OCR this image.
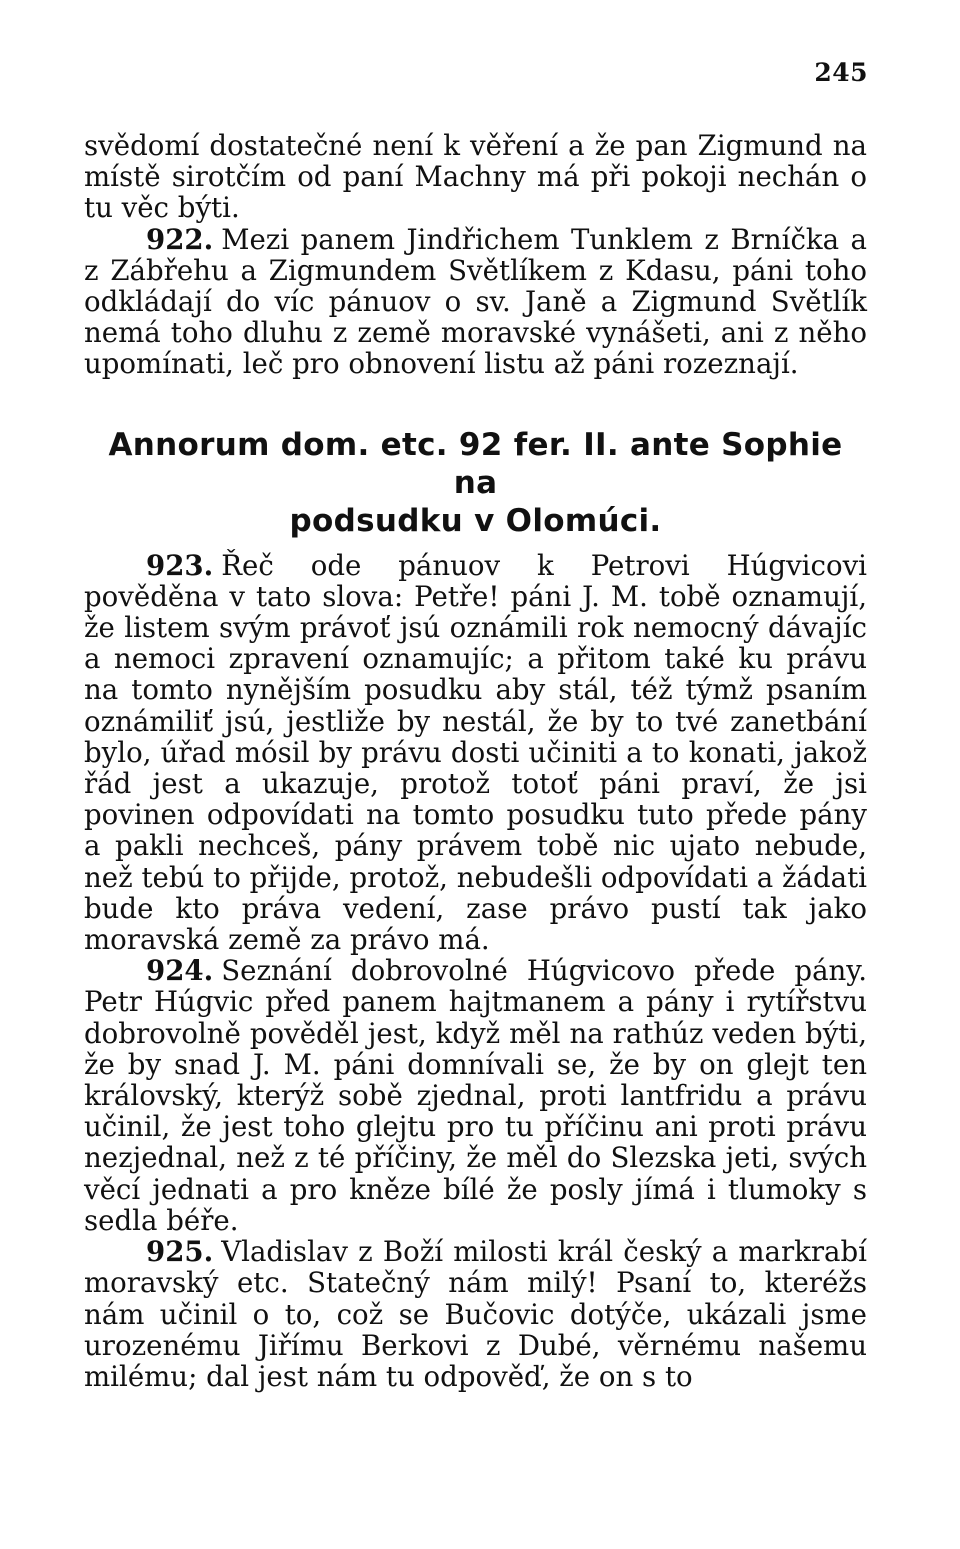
245

svědomí dostatečné není k věření a že pan Zigmund na místě sirotčím od paní Machny má při pokoji nechán o tu věc býti.

922. Mezi panem Jindřichem Tunklem z Brníčka a z Zábřehu a Zigmundem Světlíkem z Kdasu, páni toho odkládají do víc pánuov o sv. Janě a Zigmund Světlík nemá toho dluhu z země moravské vynášeti, ani z něho upomínati, leč pro obnovení listu až páni rozeznají.

Annorum dom. etc. 92 fer. II. ante Sophie na
podsudku v Olomúci.

923. Řeč ode pánuov k Petrovi Húgvicovi pověděna v tato slova: Petře! páni J. M. tobě oznamují, že listem svým právoť jsú oznámili rok nemocný dávajíc a nemoci zpravení oznamujíc; a přitom také ku právu na tomto nynějším posudku aby stál, též týmž psaním oznámiliť jsú, jestliže by nestál, že by to tvé zanetbání bylo, úřad mósil by právu dosti učiniti a to konati, jakož řád jest a ukazuje, protož totoť páni praví, že jsi povinen odpovídati na tomto posudku tuto přede pány a pakli nechceš, pány právem tobě nic ujato nebude, než tebú to přijde, protož, nebudešli odpovídati a žádati bude kto práva vedení, zase právo pustí tak jako moravská země za právo má.

924. Seznání dobrovolné Húgvicovo přede pány. Petr Húgvic před panem hajtmanem a pány i rytířstvu dobrovolně pověděl jest, když měl na rathúz veden býti, že by snad J. M. páni domnívali se, že by on glejt ten královský, kterýž sobě zjednal, proti lantfridu a právu učinil, že jest toho glejtu pro tu příčinu ani proti právu nezjednal, než z té příčiny, že měl do Slezska jeti, svých věcí jednati a pro kněze bílé že posly jímá i tlumoky s sedla béře.

925. Vladislav z Boží milosti král český a markrabí moravský etc. Statečný nám milý! Psaní to, kteréžs nám učinil o to, což se Bučovic dotýče, ukázali jsme urozenému Jiřímu Berkovi z Dubé, věrnému našemu milému; dal jest nám tu odpověď, že on s to
